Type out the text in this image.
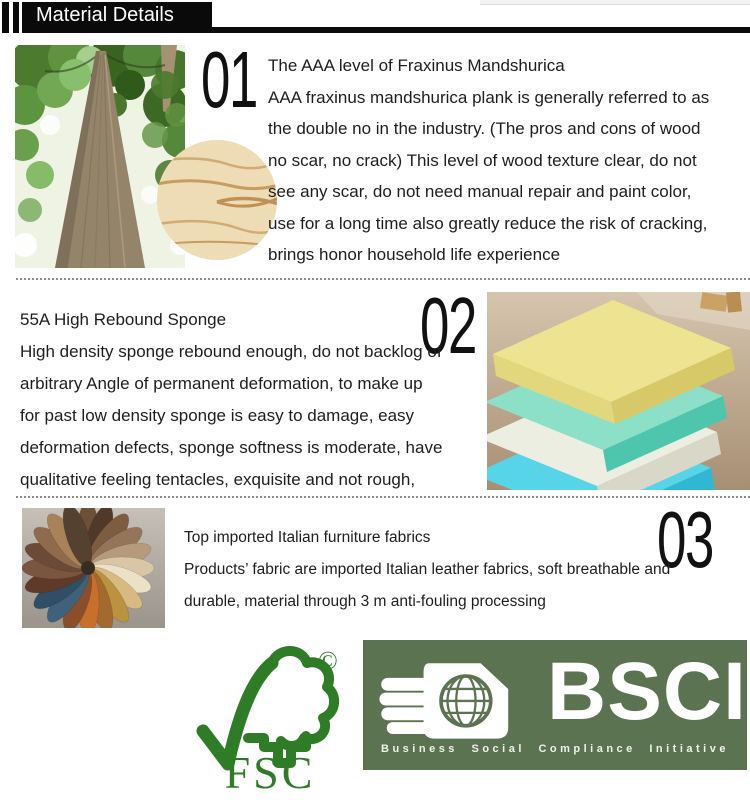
Material Details
01 The AAA level of Fraxinus Mandshurica
AAA fraxinus mandshurica plank is generally referred to as
the double no in the industry. (The pros and cons of wood
no scar, no crack) This level of wood texture clear, do not
see any scar, do not need manual repair and paint color,
use for a long time also greatly reduce the risk of cracking,
brings honor household life experience
02
55A High Rebound Sponge
High density sponge rebound enough, do not backlog of
arbitrary Angle of permanent deformation, to make up
for past low density sponge is easy to damage, easy
deformation defects, sponge softness is moderate, have
qualitative feeling tentacles, exquisite and not rough,
03
Top imported Italian furniture fabrics
Products’ fabric are imported Italian leather fabrics, soft breathable and
durable, material through 3 m anti-fouling processing
©
FSC
BSCI
Business Social Compliance Initiative
